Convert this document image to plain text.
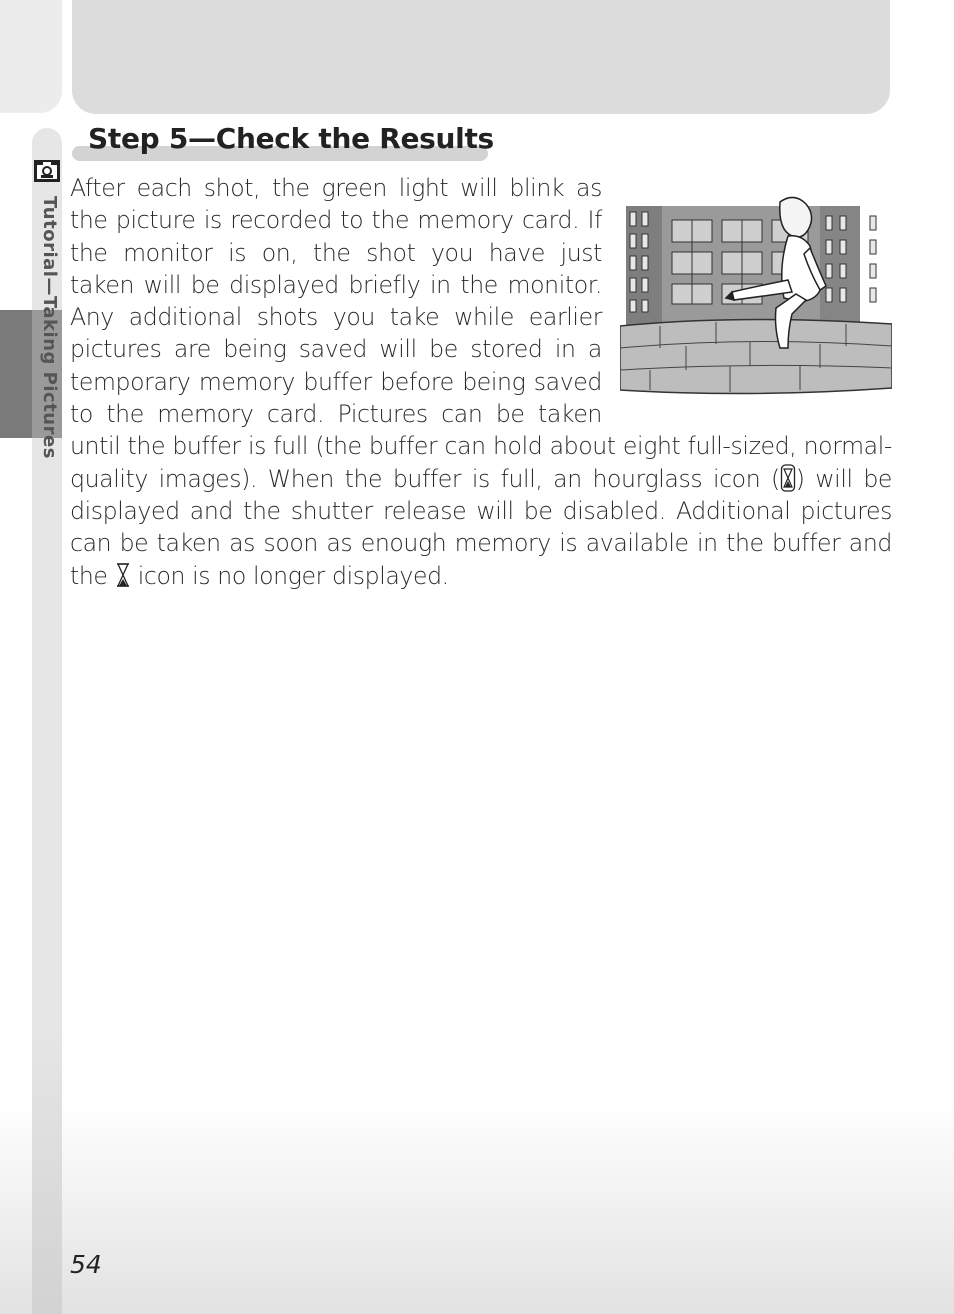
Tutorial—Taking Pictures
Step 5—Check the Results

After each shot, the green light will blink as the picture is recorded to the memory card. If the monitor is on, the shot you have just taken will be displayed briefly in the monitor. Any additional shots you take while earlier pictures are being saved will be stored in a temporary memory buffer before being saved to the memory card. Pictures can be taken until the buffer is full (the buffer can hold about eight full-sized, normal-quality images). When the buffer is full, an hourglass icon ( ) will be displayed and the shutter release will be disabled. Additional pictures can be taken as soon as enough memory is available in the buffer and the  icon is no longer displayed.

54
